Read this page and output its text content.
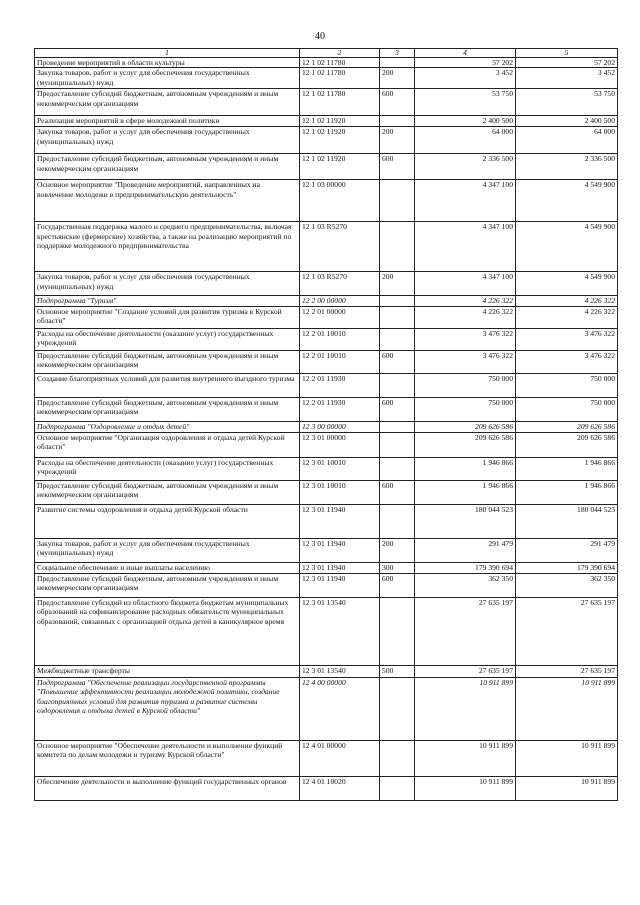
40
1	2	3	4	5
Проведение мероприятий в области культуры	12 1 02 11780		57 202	57 202
Закупка товаров, работ и услуг для обеспечения государственных (муниципальных) нужд	12 1 02 11780	200	3 452	3 452
Предоставление субсидий бюджетным, автономным учреждениям и иным некоммерческим организациям	12 1 02 11780	600	53 750	53 750
Реализация мероприятий в сфере молодежной политики	12 1 02 11920		2 400 500	2 400 500
Закупка товаров, работ и услуг для обеспечения государственных (муниципальных) нужд	12 1 02 11920	200	64 000	64 000
Предоставление субсидий бюджетным, автономным учреждениям и иным некоммерческим организациям	12 1 02 11920	600	2 336 500	2 336 500
Основное мероприятие "Проведение мероприятий, направленных на вовлечение молодежи в предпринимательскую деятельность"	12 1 03 00000		4 347 100	4 549 900
Государственная поддержка малого и среднего предпринимательства, включая крестьянские (фермерские) хозяйства, а также на реализацию мероприятий по поддержке молодежного предпринимательства	12 1 03 R5270		4 347 100	4 549 900
Закупка товаров, работ и услуг для обеспечения государственных (муниципальных) нужд	12 1 03 R5270	200	4 347 100	4 549 900
Подпрограмма "Туризм"	12 2 00 00000		4 226 322	4 226 322
Основное мероприятие "Создание условий для развития туризма в Курской области"	12 2 01 00000		4 226 322	4 226 322
Расходы на обеспечение деятельности (оказание услуг) государственных учреждений	12 2 01 10010		3 476 322	3 476 322
Предоставление субсидий бюджетным, автономным учреждениям и иным некоммерческим организациям	12 2 01 10010	600	3 476 322	3 476 322
Создание благоприятных условий для развития внутреннего въездного туризма	12 2 01 11930		750 000	750 000
Предоставление субсидий бюджетным, автономным учреждениям и иным некоммерческим организациям	12 2 01 11930	600	750 000	750 000
Подпрограмма "Оздоровление и отдых детей"	12 3 00 00000		209 626 586	209 626 586
Основное мероприятие "Организация оздоровления и отдыха детей Курской области"	12 3 01 00000		209 626 586	209 626 586
Расходы на обеспечение деятельности (оказание услуг) государственных учреждений	12 3 01 10010		1 946 866	1 946 866
Предоставление субсидий бюджетным, автономным учреждениям и иным некоммерческим организациям	12 3 01 10010	600	1 946 866	1 946 866
Развитие системы оздоровления и отдыха детей Курской области	12 3 01 11940		180 044 523	180 044 523
Закупка товаров, работ и услуг для обеспечения государственных (муниципальных) нужд	12 3 01 11940	200	291 479	291 479
Социальное обеспечение и иные выплаты населению	12 3 01 11940	300	179 390 694	179 390 694
Предоставление субсидий бюджетным, автономным учреждениям и иным некоммерческим организациям	12 3 01 11940	600	362 350	362 350
Предоставление субсидий из областного бюджета бюджетам муниципальных образований на софинансирование расходных обязательств муниципальных образований, связанных с организацией отдыха детей в каникулярное время	12 3 01 13540		27 635 197	27 635 197
Межбюджетные трансферты	12 3 01 13540	500	27 635 197	27 635 197
Подпрограмма "Обеспечение реализации государственной программы "Повышение эффективности реализации молодежной политики, создание благоприятных условий для развития туризма и развитие системы оздоровления и отдыха детей в Курской области"	12 4 00 00000		10 911 899	10 911 899
Основное мероприятие "Обеспечение деятельности и выполнение функций комитета по делам молодежи и туризму Курской области"	12 4 01 00000		10 911 899	10 911 899
Обеспечение деятельности и выполнение функций государственных органов	12 4 01 10020		10 911 899	10 911 899
